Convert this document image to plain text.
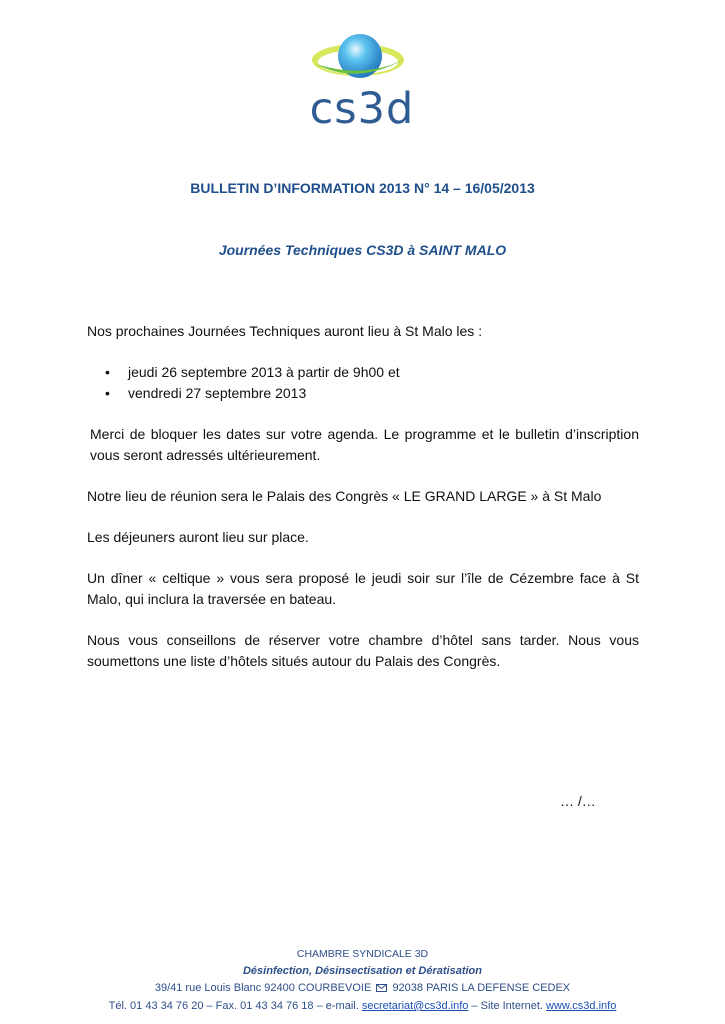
cs3d
BULLETIN D’INFORMATION 2013 N° 14 – 16/05/2013
Journées Techniques CS3D à SAINT MALO

Nos prochaines Journées Techniques auront lieu à St Malo les :

• jeudi 26 septembre 2013 à partir de 9h00 et
• vendredi 27 septembre 2013

Merci de bloquer les dates sur votre agenda. Le programme et le bulletin d’inscription vous seront adressés ultérieurement.

Notre lieu de réunion sera le Palais des Congrès « LE GRAND LARGE » à St Malo

Les déjeuners auront lieu sur place.

Un dîner « celtique » vous sera proposé le jeudi soir sur l’île de Cézembre face à St Malo, qui inclura la traversée en bateau.

Nous vous conseillons de réserver votre chambre d’hôtel sans tarder. Nous vous soumettons une liste d’hôtels situés autour du Palais des Congrès.

… /…
CHAMBRE SYNDICALE 3D
Désinfection, Désinsectisation et Dératisation
39/41 rue Louis Blanc 92400 COURBEVOIE 92038 PARIS LA DEFENSE CEDEX
Tél. 01 43 34 76 20 – Fax. 01 43 34 76 18 – e-mail. secretariat@cs3d.info – Site Internet. www.cs3d.info
